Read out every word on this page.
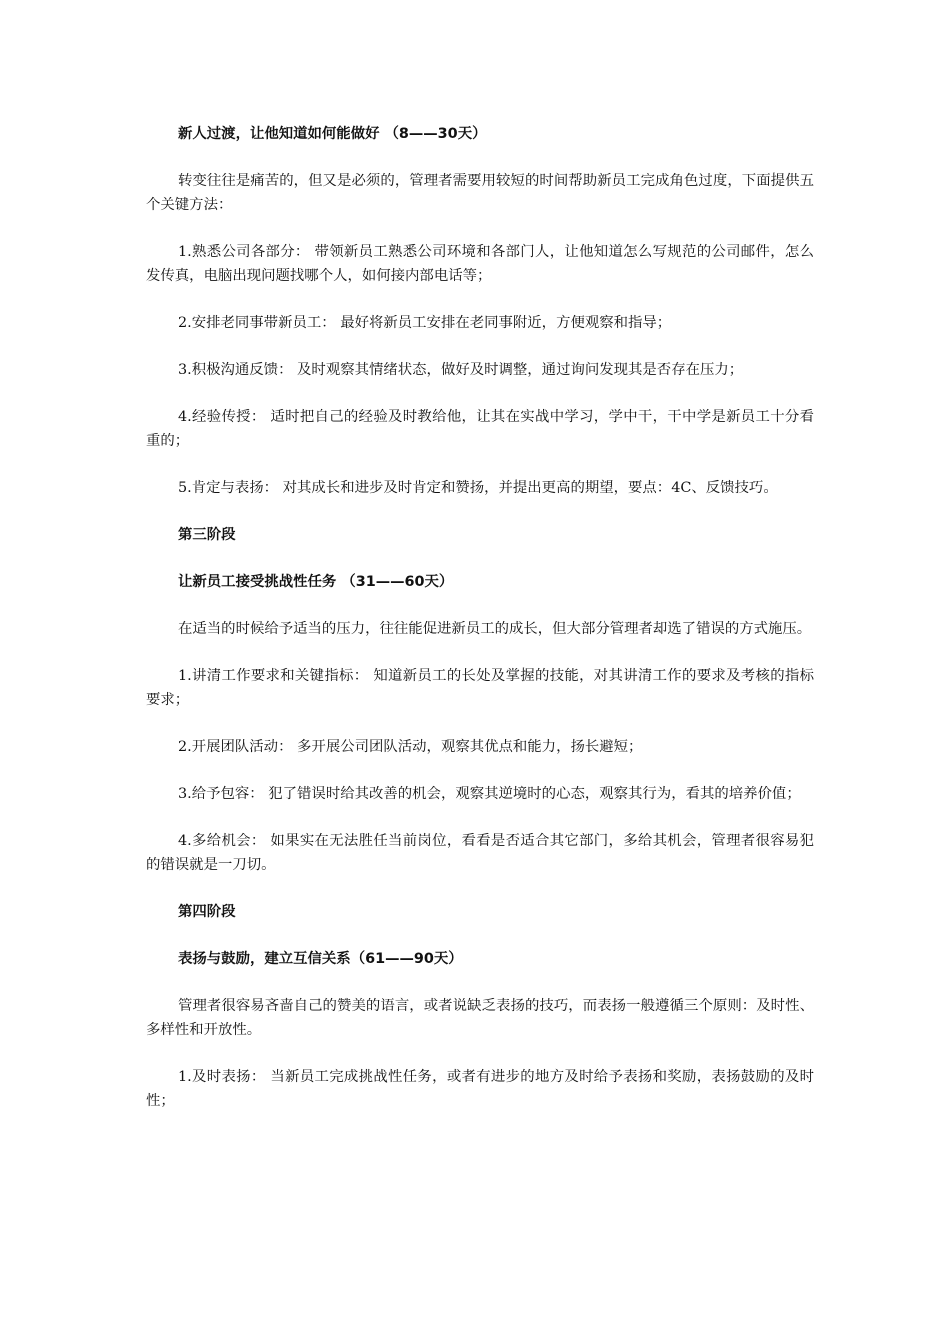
新人过渡，让他知道如何能做好 （8——30天）

转变往往是痛苦的，但又是必须的，管理者需要用较短的时间帮助新员工完成角色过度，下面提供五个关键方法：

1.熟悉公司各部分： 带领新员工熟悉公司环境和各部门人，让他知道怎么写规范的公司邮件，怎么发传真，电脑出现问题找哪个人，如何接内部电话等；

2.安排老同事带新员工： 最好将新员工安排在老同事附近，方便观察和指导；

3.积极沟通反馈： 及时观察其情绪状态，做好及时调整，通过询问发现其是否存在压力；

4.经验传授： 适时把自己的经验及时教给他，让其在实战中学习，学中干，干中学是新员工十分看重的；

5.肯定与表扬： 对其成长和进步及时肯定和赞扬，并提出更高的期望，要点：4C、反馈技巧。

第三阶段

让新员工接受挑战性任务 （31——60天）

在适当的时候给予适当的压力，往往能促进新员工的成长，但大部分管理者却选了错误的方式施压。

1.讲清工作要求和关键指标： 知道新员工的长处及掌握的技能，对其讲清工作的要求及考核的指标要求；

2.开展团队活动： 多开展公司团队活动，观察其优点和能力，扬长避短；

3.给予包容： 犯了错误时给其改善的机会，观察其逆境时的心态，观察其行为，看其的培养价值；

4.多给机会： 如果实在无法胜任当前岗位，看看是否适合其它部门，多给其机会，管理者很容易犯的错误就是一刀切。

第四阶段

表扬与鼓励，建立互信关系（61——90天）

管理者很容易吝啬自己的赞美的语言，或者说缺乏表扬的技巧，而表扬一般遵循三个原则：及时性、多样性和开放性。

1.及时表扬： 当新员工完成挑战性任务，或者有进步的地方及时给予表扬和奖励，表扬鼓励的及时性；
